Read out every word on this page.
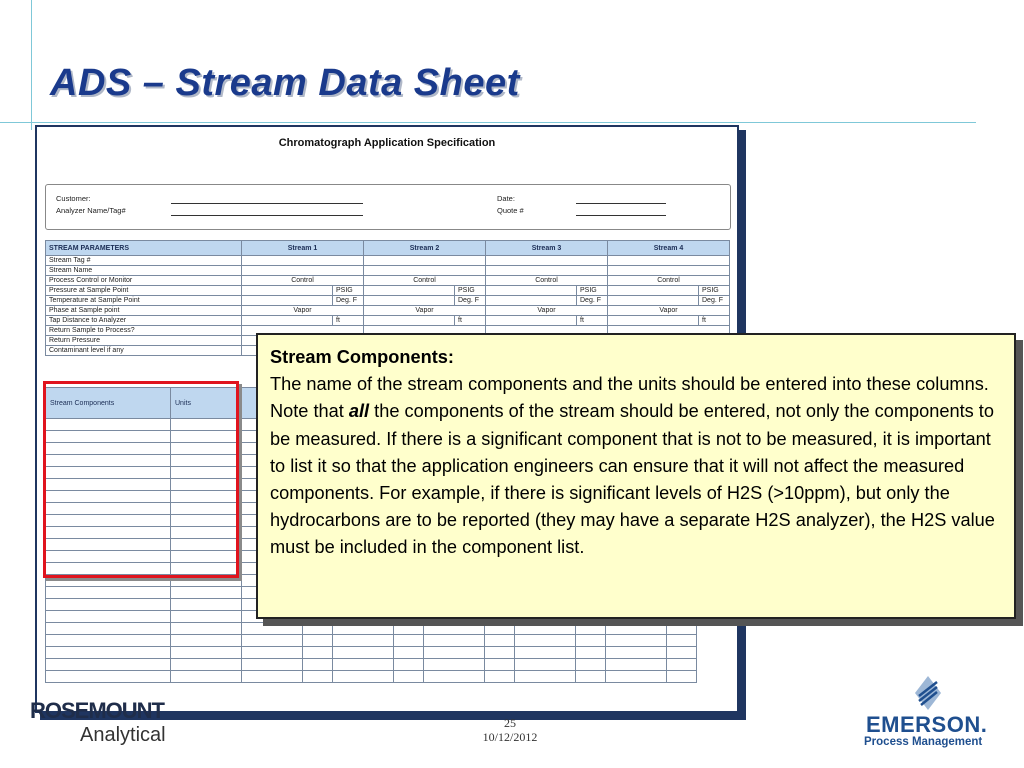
ADS – Stream Data Sheet
Chromatograph Application Specification
Customer:
Analyzer Name/Tag#
Date:
Quote #
STREAM PARAMETERS	Stream 1		Stream 2		Stream 3		Stream 4	
Stream Tag #								
Stream Name								
Process Control or Monitor	Control		Control		Control		Control	
Pressure at Sample Point		PSIG		PSIG		PSIG		PSIG
Temperature at Sample Point		Deg. F		Deg. F		Deg. F		Deg. F
Phase at Sample point	Vapor		Vapor		Vapor		Vapor	
Tap Distance to Analyzer		ft		ft		ft		ft
Return Sample to Process?								
Return Pressure								
Contaminant level if any								
Stream Components	Units										

Stream Components:
The name of the stream components and the units should be entered into these columns.
Note that all the components of the stream should be entered, not only the components to be measured. If there is a significant component that is not to be measured, it is important to list it so that the application engineers can ensure that it will not affect the measured components. For example, if there is significant levels of H2S (>10ppm), but only the hydrocarbons are to be reported (they may have a separate H2S analyzer), the H2S value must be included in the component list.
ROSEMOUNT
Analytical
25
10/12/2012	EMERSON.
Process Management
